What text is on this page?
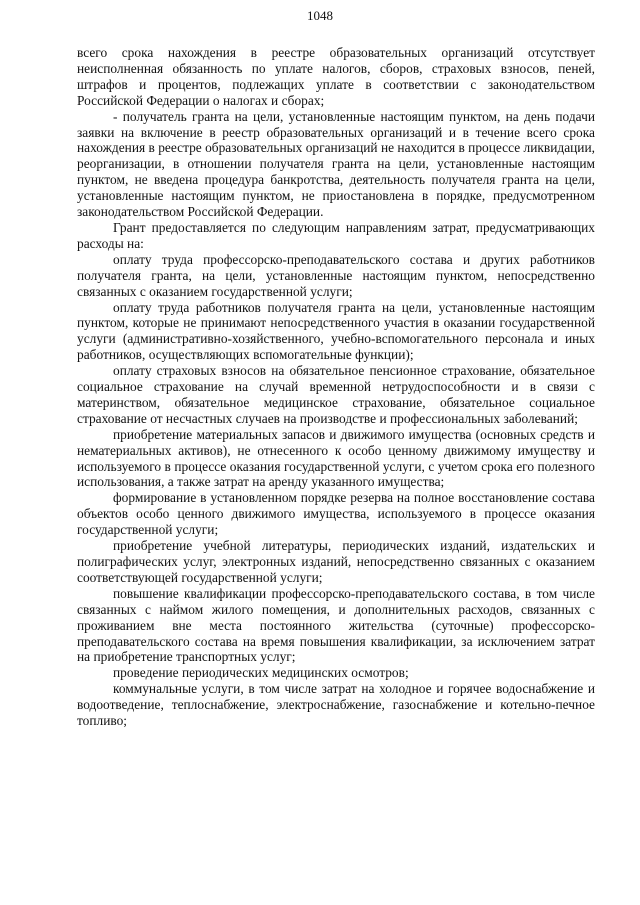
1048

всего срока нахождения в реестре образовательных организаций отсутствует неисполненная обязанность по уплате налогов, сборов, страховых взносов, пеней, штрафов и процентов, подлежащих уплате в соответствии с законодательством Российской Федерации о налогах и сборах;

- получатель гранта на цели, установленные настоящим пунктом, на день подачи заявки на включение в реестр образовательных организаций и в течение всего срока нахождения в реестре образовательных организаций не находится в процессе ликвидации, реорганизации, в отношении получателя гранта на цели, установленные настоящим пунктом, не введена процедура банкротства, деятельность получателя гранта на цели, установленные настоящим пунктом, не приостановлена в порядке, предусмотренном законодательством Российской Федерации.

Грант предоставляется по следующим направлениям затрат, предусматривающих расходы на:

оплату труда профессорско-преподавательского состава и других работников получателя гранта, на цели, установленные настоящим пунктом, непосредственно связанных с оказанием государственной услуги;

оплату труда работников получателя гранта на цели, установленные настоящим пунктом, которые не принимают непосредственного участия в оказании государственной услуги (административно-хозяйственного, учебно-вспомогательного персонала и иных работников, осуществляющих вспомогательные функции);

оплату страховых взносов на обязательное пенсионное страхование, обязательное социальное страхование на случай временной нетрудоспособности и в связи с материнством, обязательное медицинское страхование, обязательное социальное страхование от несчастных случаев на производстве и профессиональных заболеваний;

приобретение материальных запасов и движимого имущества (основных средств и нематериальных активов), не отнесенного к особо ценному движимому имуществу и используемого в процессе оказания государственной услуги, с учетом срока его полезного использования, а также затрат на аренду указанного имущества;

формирование в установленном порядке резерва на полное восстановление состава объектов особо ценного движимого имущества, используемого в процессе оказания государственной услуги;

приобретение учебной литературы, периодических изданий, издательских и полиграфических услуг, электронных изданий, непосредственно связанных с оказанием соответствующей государственной услуги;

повышение квалификации профессорско-преподавательского состава, в том числе связанных с наймом жилого помещения, и дополнительных расходов, связанных с проживанием вне места постоянного жительства (суточные) профессорско-преподавательского состава на время повышения квалификации, за исключением затрат на приобретение транспортных услуг;

проведение периодических медицинских осмотров;

коммунальные услуги, в том числе затрат на холодное и горячее водоснабжение и водоотведение, теплоснабжение, электроснабжение, газоснабжение и котельно-печное топливо;
